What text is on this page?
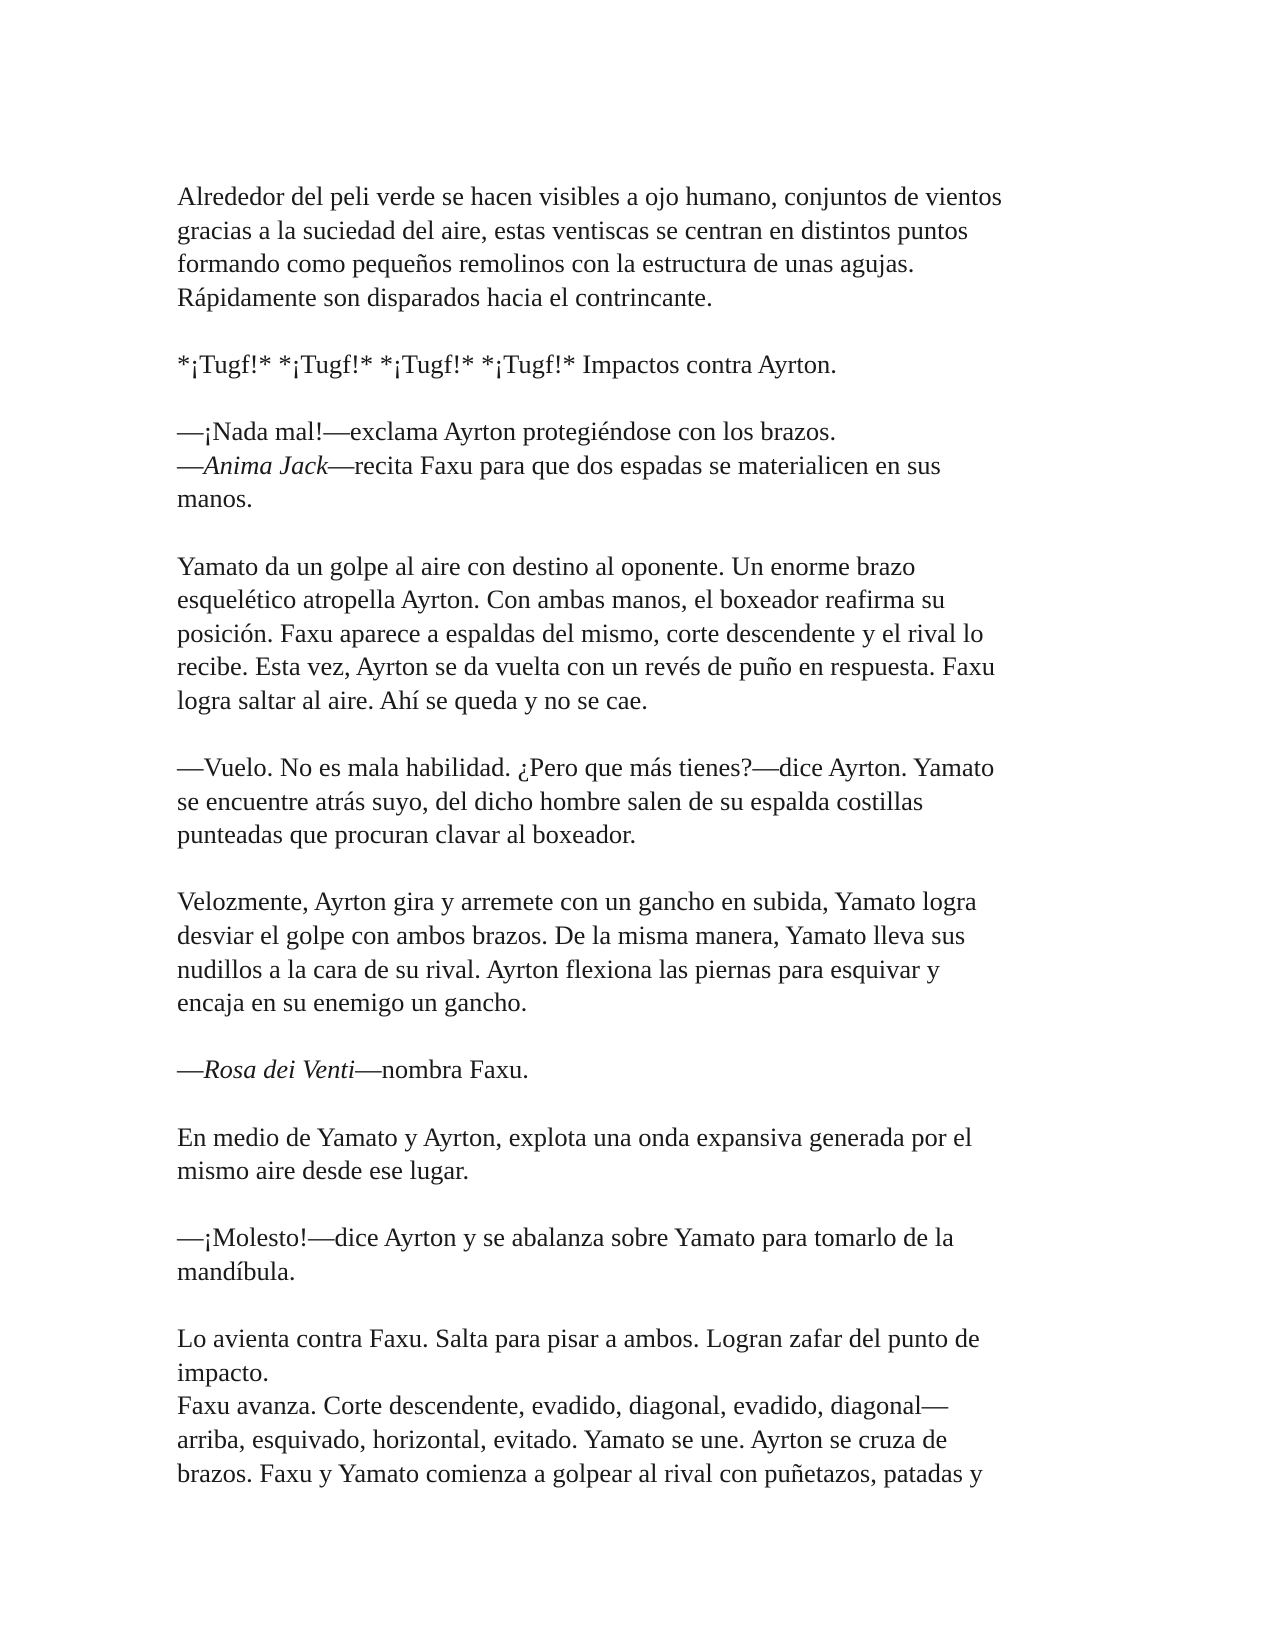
Alrededor del peli verde se hacen visibles a ojo humano, conjuntos de vientos
gracias a la suciedad del aire, estas ventiscas se centran en distintos puntos
formando como pequeños remolinos con la estructura de unas agujas.
Rápidamente son disparados hacia el contrincante.
*¡Tugf!* *¡Tugf!* *¡Tugf!* *¡Tugf!* Impactos contra Ayrton.
—¡Nada mal!—exclama Ayrton protegiéndose con los brazos.
—Anima Jack—recita Faxu para que dos espadas se materialicen en sus
manos.
Yamato da un golpe al aire con destino al oponente. Un enorme brazo
esquelético atropella Ayrton. Con ambas manos, el boxeador reafirma su
posición. Faxu aparece a espaldas del mismo, corte descendente y el rival lo
recibe. Esta vez, Ayrton se da vuelta con un revés de puño en respuesta. Faxu
logra saltar al aire. Ahí se queda y no se cae.
—Vuelo. No es mala habilidad. ¿Pero que más tienes?—dice Ayrton. Yamato
se encuentre atrás suyo, del dicho hombre salen de su espalda costillas
punteadas que procuran clavar al boxeador.
Velozmente, Ayrton gira y arremete con un gancho en subida, Yamato logra
desviar el golpe con ambos brazos. De la misma manera, Yamato lleva sus
nudillos a la cara de su rival. Ayrton flexiona las piernas para esquivar y
encaja en su enemigo un gancho.
—Rosa dei Venti—nombra Faxu.
En medio de Yamato y Ayrton, explota una onda expansiva generada por el
mismo aire desde ese lugar.
—¡Molesto!—dice Ayrton y se abalanza sobre Yamato para tomarlo de la
mandíbula.
Lo avienta contra Faxu. Salta para pisar a ambos. Logran zafar del punto de
impacto.
Faxu avanza. Corte descendente, evadido, diagonal, evadido, diagonal—
arriba, esquivado, horizontal, evitado. Yamato se une. Ayrton se cruza de
brazos. Faxu y Yamato comienza a golpear al rival con puñetazos, patadas y
